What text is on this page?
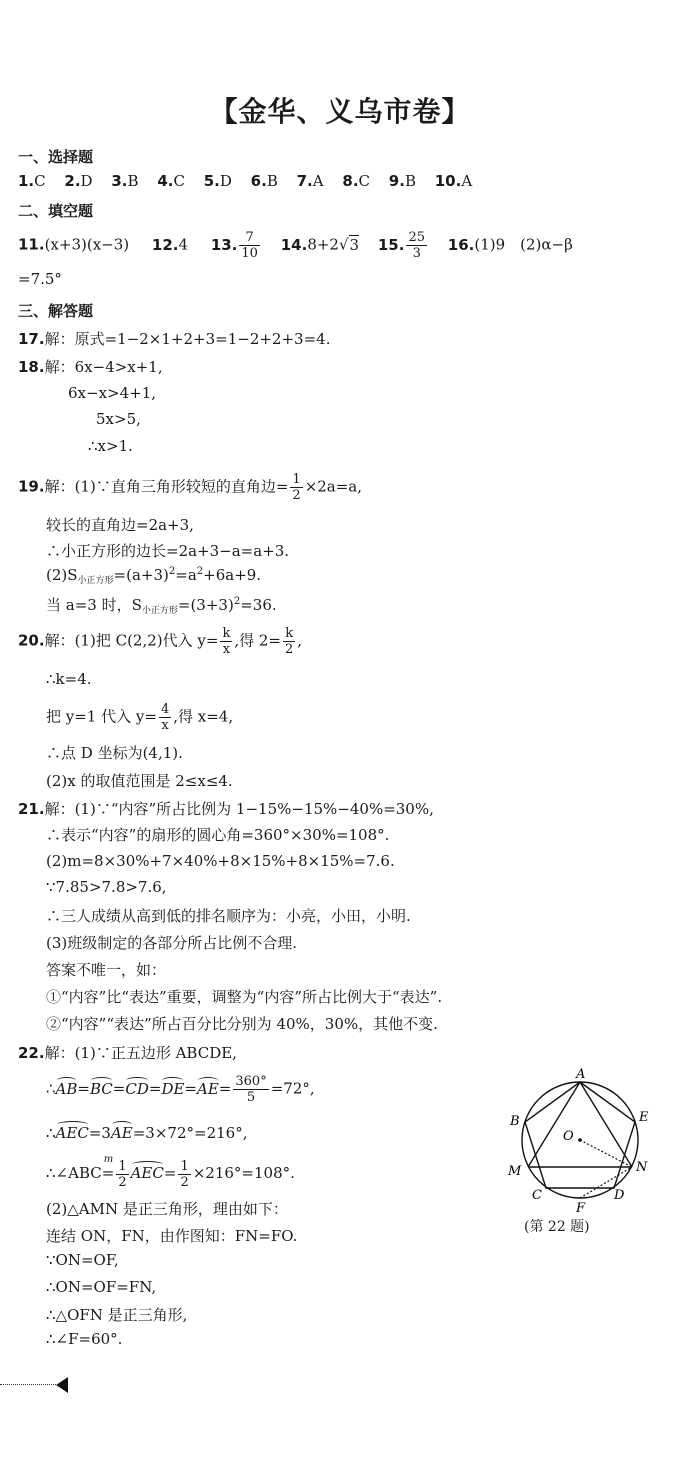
【金华、义乌市卷】
一、选择题
1.C 2.D 3.B 4.C 5.D 6.B 7.A 8.C 9.B 10.A
二、填空题
11.(x+3)(x−3) 12.4 13. $\frac{7}{10} 14.8+2√3$ 15. $\frac{25}{3} 16.(1)9$　(2)α−β
=7.5°
三、解答题
17.解：原式=1−2×1+2+3=1−2+2+3=4.
18.解：6x−4>x+1,
6x−x>4+1,
5x>5,
∴x>1.
19.解：(1)∵直角三角形较短的直角边= $\frac{1}{2} \times 2a=a$,
较长的直角边=2a+3,
∴小正方形的边长=2a+3−a=a+3.
$(2)S_{小正方形}=(a+3)^2=a^2+6a+9$.
当 a=3 时，$S_{小正方形}=(3+3)^2=36$.
20.解：(1)把 C(2,2)代入 $y= \frac{k}{x}$ ,得 $2= \frac{k}{2}$ ,
∴k=4.
把 y=1 代入 $y= \frac{4}{x}$ ,得 x=4,
∴点 D 坐标为(4,1).
(2)x 的取值范围是 2≤x≤4.
21.解：(1)∵“内容”所占比例为 1−15%−15%−40%=30%,
∴表示“内容”的扇形的圆心角=360°×30%=108°.
(2)m=8×30%+7×40%+8×15%+8×15%=7.6.
∵7.85>7.8>7.6,
∴三人成绩从高到低的排名顺序为：小亮，小田，小明.
(3)班级制定的各部分所占比例不合理.
答案不唯一，如：
①“内容”比“表达”重要，调整为“内容”所占比例大于“表达”.
②“内容”“表达”所占百分比分别为 40%，30%，其他不变.
22.解：(1)∵正五边形 ABCDE,
∴AB=BC=CD=DE=AE= $\frac{360^\circ}{5} =72^\circ$,
∴AEC=3AE=3×72°=216°,
∴∠ABC
m
= $\frac{1}{2} AEC= \frac{1}{2} \times 216^\circ=108^\circ$.
(2)△AMN 是正三角形，理由如下：
连结 ON，FN，由作图知：FN=FO.
∵ON=OF,
∴ON=OF=FN,
∴△OFN 是正三角形,
∴∠F=60°.
A
B	E
O
M	N
C	D
F
(第 22 题)
